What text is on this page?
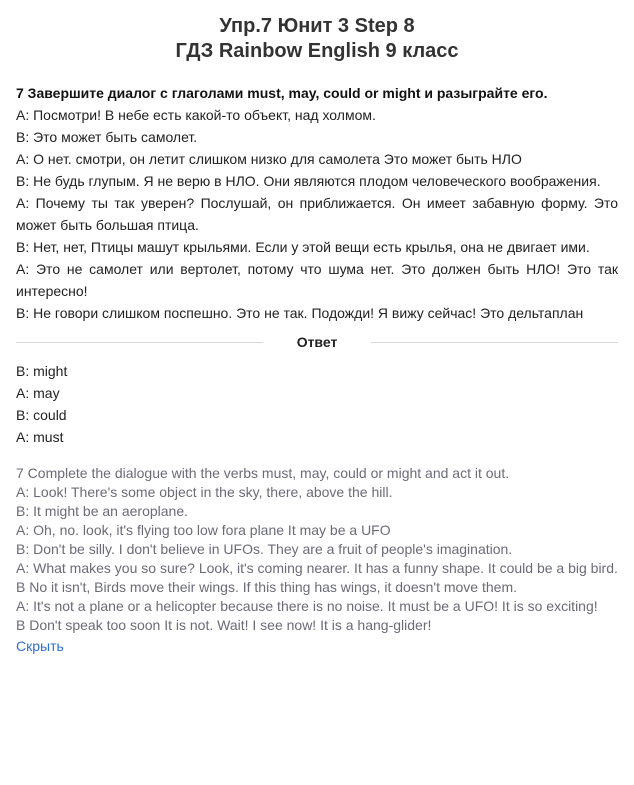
Упр.7 Юнит 3 Step 8
ГДЗ Rainbow English 9 класс

7 Завершите диалог с глаголами must, may, could or might и разыграйте его.

А: Посмотри! В небе есть какой-то объект, над холмом.

В: Это может быть самолет.

А: О нет. смотри, он летит слишком низко для самолета Это может быть НЛО

В: Не будь глупым. Я не верю в НЛО. Они являются плодом человеческого воображения.

А: Почему ты так уверен? Послушай, он приближается. Он имеет забавную форму. Это может быть большая птица.

В: Нет, нет, Птицы машут крыльями. Если у этой вещи есть крылья, она не двигает ими.

А: Это не самолет или вертолет, потому что шума нет. Это должен быть НЛО! Это так интересно!

В: Не говори слишком поспешно. Это не так. Подожди! Я вижу сейчас! Это дельтаплан

Ответ

B: might

A: may

B: could

A: must

7 Complete the dialogue with the verbs must, may, could or might and act it out.

A: Look! There's some object in the sky, there, above the hill.

B: It might be an aeroplane.

A: Oh, no. look, it's flying too low fora plane It may be a UFO

B: Don't be silly. I don't believe in UFOs. They are a fruit of people's imagination.

A: What makes you so sure? Look, it's coming nearer. It has a funny shape. It could be a big bird.

B No it isn't, Birds move their wings. If this thing has wings, it doesn't move them.

A: It's not a plane or a helicopter because there is no noise. It must be a UFO! It is so exciting!

B Don't speak too soon It is not. Wait! I see now! It is a hang-glider!

Скрыть
